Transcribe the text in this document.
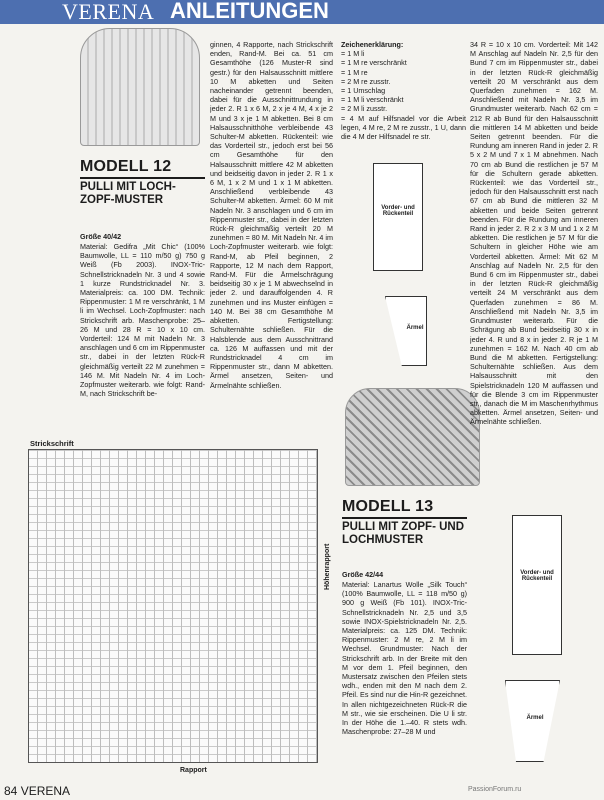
VERENA ANLEITUNGEN
MODELL 12
PULLI MIT LOCH-ZOPF-MUSTER
Größe 40/42
Material: Gedifra „Mit Chic“ (100% Baumwolle, LL = 110 m/50 g) 750 g Weiß (Fb 2003). INOX-Tric-Schnellstricknadeln Nr. 3 und 4 sowie 1 kurze Rundstricknadel Nr. 3. Materialpreis: ca. 100 DM. Technik: Rippenmuster: 1 M re verschränkt, 1 M li im Wechsel. Loch-Zopfmuster: nach Strickschrift arb. Maschenprobe: 25–26 M und 28 R = 10 x 10 cm. Vorderteil: 124 M mit Nadeln Nr. 3 anschlagen und 6 cm im Rippenmuster str., dabei in der letzten Rück-R gleichmäßig verteilt 22 M zunehmen = 146 M. Mit Nadeln Nr. 4 im Loch-Zopfmuster weiterarb. wie folgt: Rand-M, nach Strickschrift be-
ginnen, 4 Rapporte, nach Strickschrift enden, Rand-M. Bei ca. 51 cm Gesamthöhe (126 Muster-R sind gestr.) für den Halsausschnitt mittlere 10 M abketten und Seiten nacheinander getrennt beenden, dabei für die Ausschnittrundung in jeder 2. R 1 x 6 M, 2 x je 4 M, 4 x je 2 M und 3 x je 1 M abketten. Bei 8 cm Halsausschnitthöhe verbleibende 43 Schulter-M abketten. Rückenteil: wie das Vorderteil str., jedoch erst bei 56 cm Gesamthöhe für den Halsausschnitt mittlere 42 M abketten und beidseitig davon in jeder 2. R 1 x 6 M, 1 x 2 M und 1 x 1 M abketten. Anschließend verbleibende 43 Schulter-M abketten. Ärmel: 60 M mit Nadeln Nr. 3 anschlagen und 6 cm im Rippenmuster str., dabei in der letzten Rück-R gleichmäßig verteilt 20 M zunehmen = 80 M. Mit Nadeln Nr. 4 im Loch-Zopfmuster weiterarb. wie folgt: Rand-M, ab Pfeil beginnen, 2 Rapporte, 12 M nach dem Rapport, Rand-M. Für die Ärmelschrägung beidseitig 30 x je 1 M abwechselnd in jeder 2. und darauffolgenden 4. R zunehmen und ins Muster einfügen = 140 M. Bei 38 cm Gesamthöhe M abketten. Fertigstellung: Schulternähte schließen. Für die Halsblende aus dem Ausschnittrand ca. 126 M auffassen und mit der Rundstricknadel 4 cm im Rippenmuster str., dann M abketten. Ärmel ansetzen, Seiten- und Ärmelnähte schließen.
Zeichenerklärung:
= 1 M li
= 1 M re verschränkt
= 1 M re
= 2 M re zusstr.
= 1 Umschlag
= 1 M li verschränkt
= 2 M li zusstr.
= 4 M auf Hilfsnadel vor die Arbeit legen, 4 M re, 2 M re zusstr., 1 U, dann die 4 M der Hilfsnadel re str.
Vorder- und Rückenteil
Ärmel
34 R = 10 x 10 cm. Vorderteil: Mit 142 M Anschlag auf Nadeln Nr. 2,5 für den Bund 7 cm im Rippenmuster str., dabei in der letzten Rück-R gleichmäßig verteilt 20 M verschränkt aus dem Querfaden zunehmen = 162 M. Anschließend mit Nadeln Nr. 3,5 im Grundmuster weiterarb. Nach 62 cm = 212 R ab Bund für den Halsausschnitt die mittleren 14 M abketten und beide Seiten getrennt beenden. Für die Rundung am inneren Rand in jeder 2. R 5 x 2 M und 7 x 1 M abnehmen. Nach 70 cm ab Bund die restlichen je 57 M für die Schultern gerade abketten. Rückenteil: wie das Vorderteil str., jedoch für den Halsausschnitt erst nach 67 cm ab Bund die mittleren 32 M abketten und beide Seiten getrennt beenden. Für die Rundung am inneren Rand in jeder 2. R 2 x 3 M und 1 x 2 M abketten. Die restlichen je 57 M für die Schultern in gleicher Höhe wie am Vorderteil abketten. Ärmel: Mit 62 M Anschlag auf Nadeln Nr. 2,5 für den Bund 6 cm im Rippenmuster str., dabei in der letzten Rück-R gleichmäßig verteilt 24 M verschränkt aus dem Querfaden zunehmen = 86 M. Anschließend mit Nadeln Nr. 3,5 im Grundmuster weiterarb. Für die Schrägung ab Bund beidseitig 30 x in jeder 4. R und 8 x in jeder 2. R je 1 M zunehmen = 162 M. Nach 40 cm ab Bund die M abketten. Fertigstellung: Schulternähte schließen. Aus dem Halsausschnitt mit den Spielstricknadeln 120 M auffassen und für die Blende 3 cm im Rippenmuster str., danach die M im Maschenrhythmus abketten. Ärmel ansetzen, Seiten- und Ärmelnähte schließen.
MODELL 13
PULLI MIT ZOPF- UND LOCHMUSTER
Größe 42/44
Material: Lanartus Wolle „Silk Touch“ (100% Baumwolle, LL = 118 m/50 g) 900 g Weiß (Fb 101). INOX-Tric-Schnellstricknadeln Nr. 2,5 und 3,5 sowie INOX-Spielstricknadeln Nr. 2,5. Materialpreis: ca. 125 DM. Technik: Rippenmuster: 2 M re, 2 M li im Wechsel. Grundmuster: Nach der Strickschrift arb. In der Breite mit den M vor dem 1. Pfeil beginnen, den Mustersatz zwischen den Pfeilen stets wdh., enden mit den M nach dem 2. Pfeil. Es sind nur die Hin-R gezeichnet. In allen nichtgezeichneten Rück-R die M str., wie sie erscheinen. Die U li str. In der Höhe die 1.–40. R stets wdh. Maschenprobe: 27–28 M und
Vorder- und Rückenteil
Ärmel
Strickschrift
Höhenrapport
Rapport
84 VERENA	PassionForum.ru
